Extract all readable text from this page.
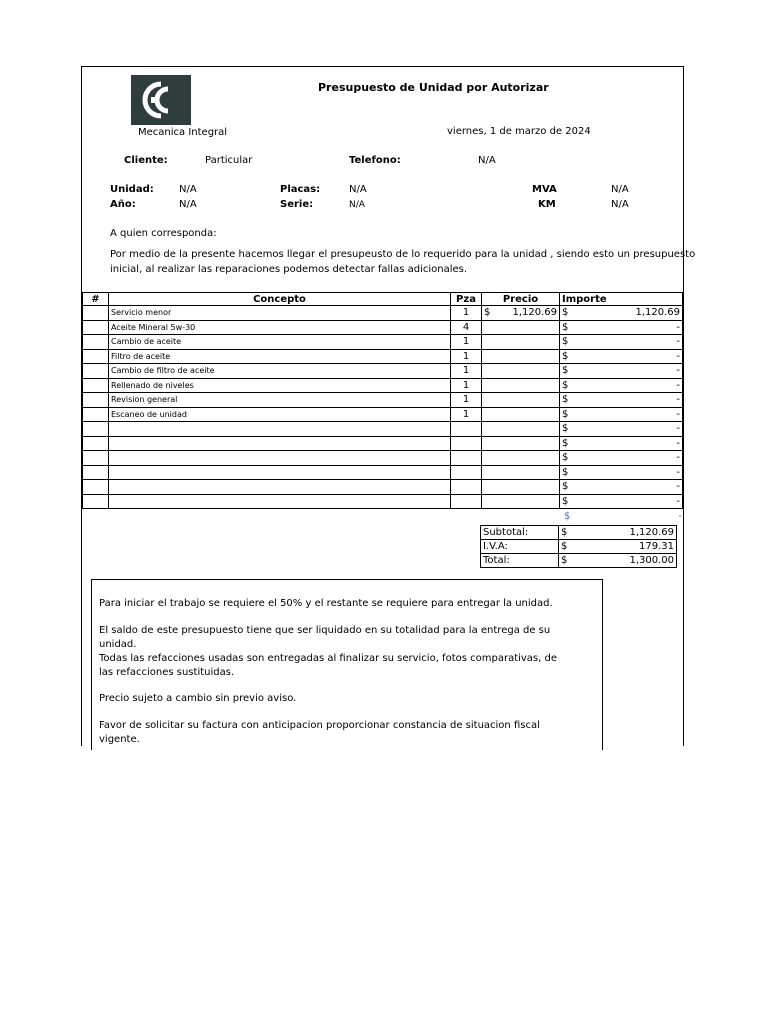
Presupuesto de Unidad por Autorizar
Mecanica Integral	viernes, 1 de marzo de 2024
Cliente:	Particular	Telefono:	N/A
Unidad:	N/A
Año:	N/A
Placas:	N/A
Serie:	N/A
MVA	N/A
KM	N/A
A quien corresponda:
Por medio de la presente hacemos llegar el presupeusto de lo requerido para la unidad , siendo esto un presupuesto
inicial, al realizar las reparaciones podemos detectar fallas adicionales.
#	Concepto	Pza	Precio	Importe
	Servicio menor	1	$ 1,120.69	$ 1,120.69

	Aceite Mineral 5w-30	4		$ -

	Cambio de aceite	1		$ -

	Filtro de aceite	1		$ -

	Cambio de filtro de aceite	1		$ -

	Rellenado de niveles	1		$ -

	Revision general	1		$ -

	Escaneo de unidad	1		$ -

				$ -

				$ -

				$ -

				$ -

				$ -

				$ -
$	-
Subtotal:	$ 1,120.69

I.V.A:	$ 179.31

Total:	$ 1,300.00

Para iniciar el trabajo se requiere el 50% y el restante se requiere para entregar la unidad.

El saldo de este presupuesto tiene que ser liquidado en su totalidad para la entrega de su unidad.

Todas las refacciones usadas son entregadas al finalizar su servicio, fotos comparativas, de las refacciones sustituidas.

Precio sujeto a cambio sin previo aviso.

Favor de solicitar su factura con anticipacion proporcionar constancia de situacion fiscal vigente.
